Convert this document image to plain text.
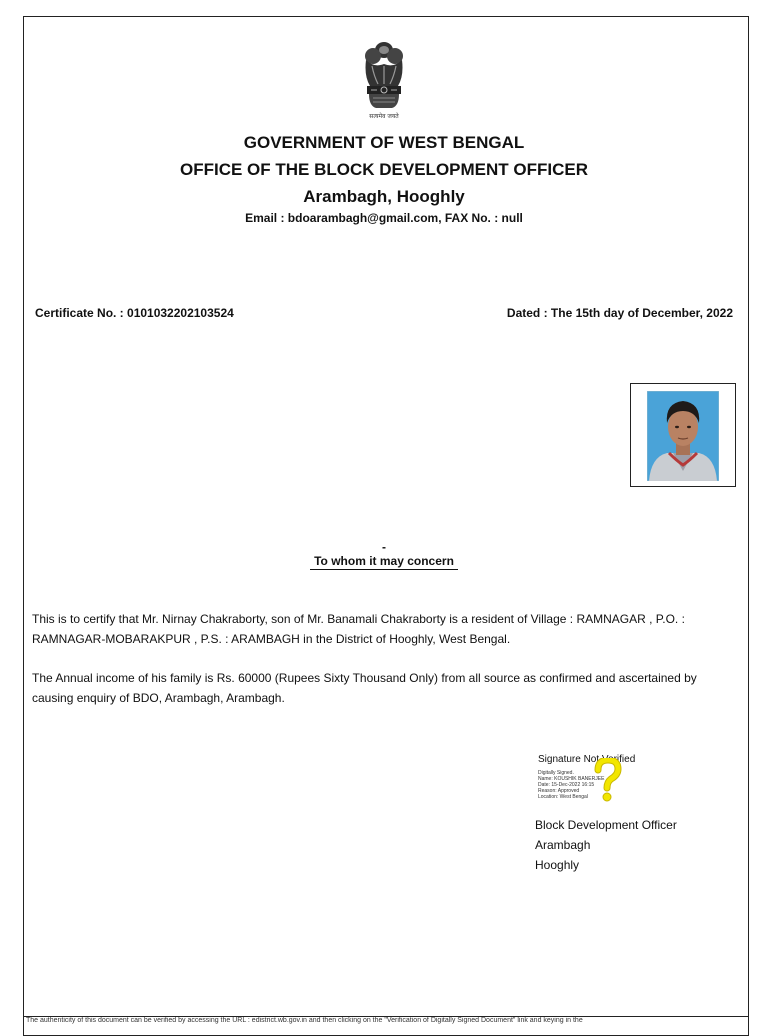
सत्यमेव जयते
GOVERNMENT OF WEST BENGAL
OFFICE OF THE BLOCK DEVELOPMENT OFFICER
Arambagh, Hooghly
Email : bdoarambagh@gmail.com, FAX No. : null
Certificate No. : 0101032202103524	Dated : The 15th day of December, 2022
-
To whom it may concern
This is to certify that Mr. Nirnay Chakraborty, son of Mr. Banamali Chakraborty is a resident of Village : RAMNAGAR , P.O. : RAMNAGAR-MOBARAKPUR , P.S. : ARAMBAGH in the District of Hooghly, West Bengal.
The Annual income of his family is Rs. 60000 (Rupees Sixty Thousand Only) from all source as confirmed and ascertained by causing enquiry of BDO, Arambagh, Arambagh.
Signature Not Verified
Digitally Signed.
Name: KOUSHIK BANERJEE
Date: 15-Dec-2022 16:15
Reason: Approved
Location: West Bengal
Block Development Officer
Arambagh
Hooghly
The authenticity of this document can be verified by accessing the URL : edistrict.wb.gov.in and then clicking on the "Verification of Digitally Signed Document" link and keying in the
